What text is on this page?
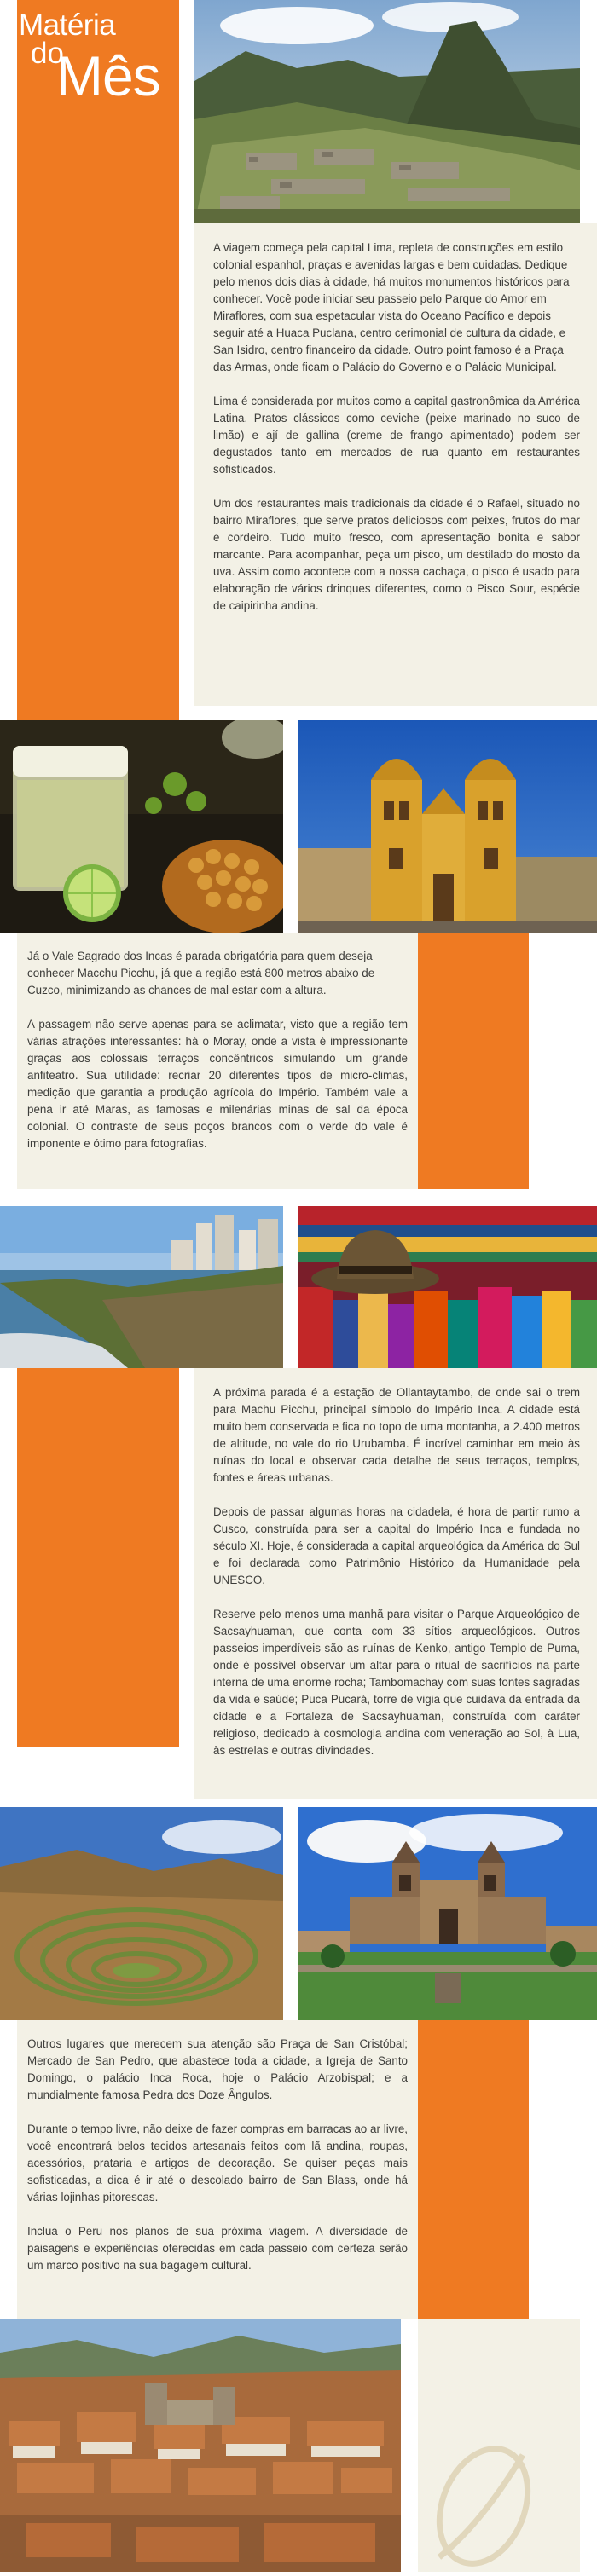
Matéria
do
Mês

A viagem começa pela capital Lima, repleta de construções em estilo colonial espanhol, praças e avenidas largas e bem cuidadas. Dedique pelo menos dois dias à cidade, há muitos monumentos históricos para conhecer. Você pode iniciar seu passeio pelo Parque do Amor em Miraflores, com sua espetacular vista do Oceano Pacífico e depois seguir até a Huaca Puclana, centro cerimonial de cultura da cidade, e San Isidro, centro financeiro da cidade. Outro point famoso é a Praça das Armas, onde ficam o Palácio do Governo e o Palácio Municipal.

Lima é considerada por muitos como a capital gastronômica da América Latina. Pratos clássicos como ceviche (peixe marinado no suco de limão) e ají de gallina (creme de frango apimentado) podem ser degustados tanto em mercados de rua quanto em restaurantes sofisticados.

Um dos restaurantes mais tradicionais da cidade é o Rafael, situado no bairro Miraflores, que serve pratos deliciosos com peixes, frutos do mar e cordeiro. Tudo muito fresco, com apresentação bonita e sabor marcante. Para acompanhar, peça um pisco, um destilado do mosto da uva. Assim como acontece com a nossa cachaça, o pisco é usado para elaboração de vários drinques diferentes, como o Pisco Sour, espécie de caipirinha andina.

Já o Vale Sagrado dos Incas é parada obrigatória para quem deseja conhecer Macchu Picchu, já que a região está 800 metros abaixo de Cuzco, minimizando as chances de mal estar com a altura.

A passagem não serve apenas para se aclimatar, visto que a região tem várias atrações interessantes: há o Moray, onde a vista é impressionante graças aos colossais terraços concêntricos simulando um grande anfiteatro. Sua utilidade: recriar 20 diferentes tipos de micro-climas, medição que garantia a produção agrícola do Império. Também vale a pena ir até Maras, as famosas e milenárias minas de sal da época colonial. O contraste de seus poços brancos com o verde do vale é imponente e ótimo para fotografias.

A próxima parada é a estação de Ollantaytambo, de onde sai o trem para Machu Picchu, principal símbolo do Império Inca. A cidade está muito bem conservada e fica no topo de uma montanha, a 2.400 metros de altitude, no vale do rio Urubamba. É incrível caminhar em meio às ruínas do local e observar cada detalhe de seus terraços, templos, fontes e áreas urbanas.

Depois de passar algumas horas na cidadela, é hora de partir rumo a Cusco, construída para ser a capital do Império Inca e fundada no século XI. Hoje, é considerada a capital arqueológica da América do Sul e foi declarada como Patrimônio Histórico da Humanidade pela UNESCO.

Reserve pelo menos uma manhã para visitar o Parque Arqueológico de Sacsayhuaman, que conta com 33 sítios arqueológicos. Outros passeios imperdíveis são as ruínas de Kenko, antigo Templo de Puma, onde é possível observar um altar para o ritual de sacrifícios na parte interna de uma enorme rocha; Tambomachay com suas fontes sagradas da vida e saúde; Puca Pucará, torre de vigia que cuidava da entrada da cidade e a Fortaleza de Sacsayhuaman, construída com caráter religioso, dedicado à cosmologia andina com veneração ao Sol, à Lua, às estrelas e outras divindades.

Outros lugares que merecem sua atenção são Praça de San Cristóbal; Mercado de San Pedro, que abastece toda a cidade, a Igreja de Santo Domingo, o palácio Inca Roca, hoje o Palácio Arzobispal; e a mundialmente famosa Pedra dos Doze Ângulos.

Durante o tempo livre, não deixe de fazer compras em barracas ao ar livre, você encontrará belos tecidos artesanais feitos com lã andina, roupas, acessórios, prataria e artigos de decoração. Se quiser peças mais sofisticadas, a dica é ir até o descolado bairro de San Blass, onde há várias lojinhas pitorescas.

Inclua o Peru nos planos de sua próxima viagem. A diversidade de paisagens e experiências oferecidas em cada passeio com certeza serão um marco positivo na sua bagagem cultural.
